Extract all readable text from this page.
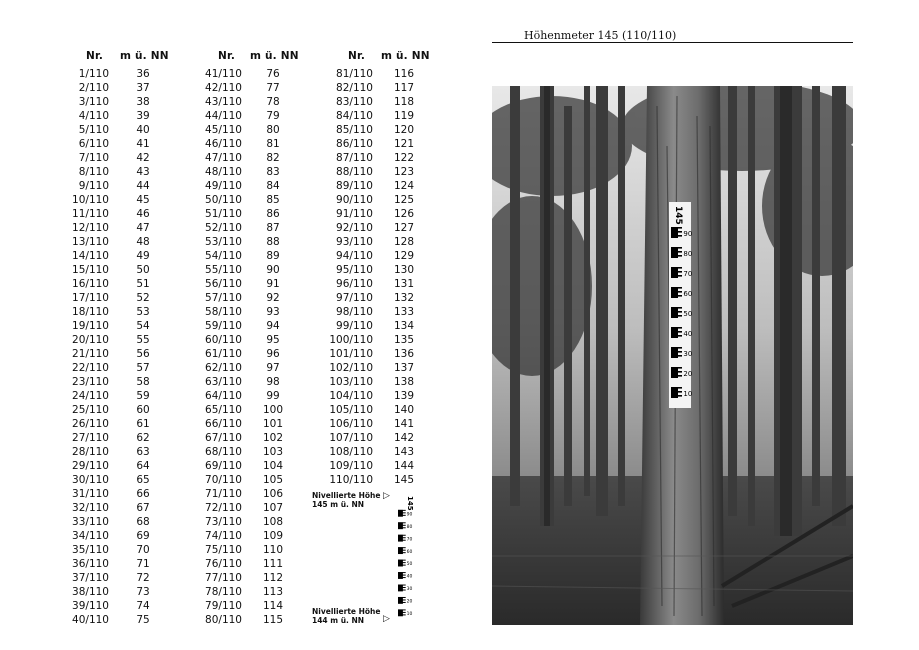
Nr. m ü. NN
1/110	36
2/110	37
3/110	38
4/110	39
5/110	40
6/110	41
7/110	42
8/110	43
9/110	44
10/110	45
11/110	46
12/110	47
13/110	48
14/110	49
15/110	50
16/110	51
17/110	52
18/110	53
19/110	54
20/110	55
21/110	56
22/110	57
23/110	58
24/110	59
25/110	60
26/110	61
27/110	62
28/110	63
29/110	64
30/110	65
31/110	66
32/110	67
33/110	68
34/110	69
35/110	70
36/110	71
37/110	72
38/110	73
39/110	74
40/110	75
Nr. m ü. NN
41/110	76
42/110	77
43/110	78
44/110	79
45/110	80
46/110	81
47/110	82
48/110	83
49/110	84
50/110	85
51/110	86
52/110	87
53/110	88
54/110	89
55/110	90
56/110	91
57/110	92
58/110	93
59/110	94
60/110	95
61/110	96
62/110	97
63/110	98
64/110	99
65/110	100
66/110	101
67/110	102
68/110	103
69/110	104
70/110	105
71/110	106
72/110	107
73/110	108
74/110	109
75/110	110
76/110	111
77/110	112
78/110	113
79/110	114
80/110	115
Nr. m ü. NN
81/110	116
82/110	117
83/110	118
84/110	119
85/110	120
86/110	121
87/110	122
88/110	123
89/110	124
90/110	125
91/110	126
92/110	127
93/110	128
94/110	129
95/110	130
96/110	131
97/110	132
98/110	133
99/110	134
100/110	135
101/110	136
102/110	137
103/110	138
104/110	139
105/110	140
106/110	141
107/110	142
108/110	143
109/110	144
110/110	145
Nivellierte Höhe
145 m ü. NN
▷
Nivellierte Höhe
144 m ü. NN	▷
90
80
70
60
50
40
30
20
10
145
Höhenmeter 145 (110/110)
90
80
70
60
50
40
30
20
10
145
